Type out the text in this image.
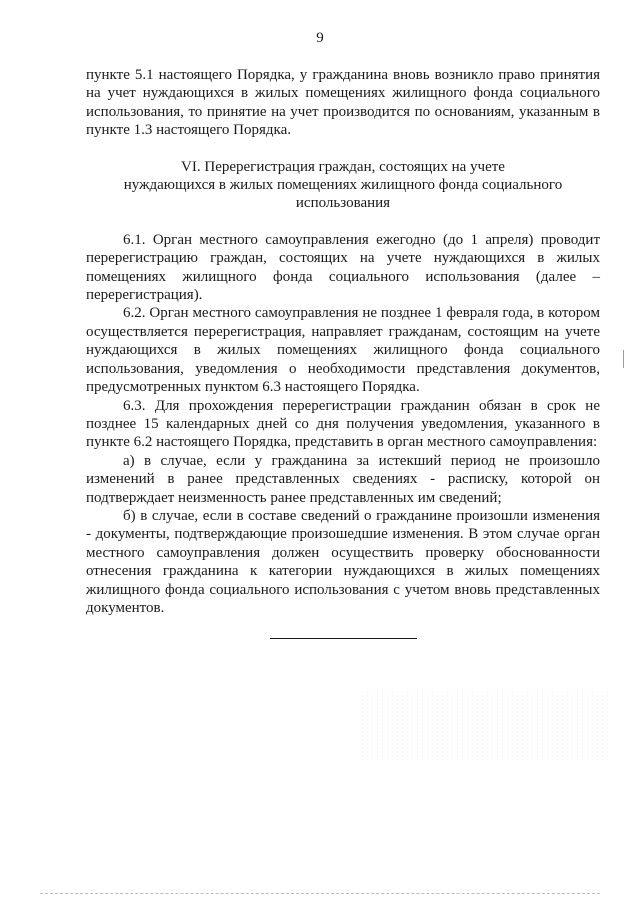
9

пункте 5.1 настоящего Порядка, у гражданина вновь возникло право принятия на учет нуждающихся в жилых помещениях жилищного фонда социального использования, то принятие на учет производится по основаниям, указанным в пункте 1.3 настоящего Порядка.

VI. Перерегистрация граждан, состоящих на учете
нуждающихся в жилых помещениях жилищного фонда социального
использования

6.1. Орган местного самоуправления ежегодно (до 1 апреля) проводит перерегистрацию граждан, состоящих на учете нуждающихся в жилых помещениях жилищного фонда социального использования (далее – перерегистрация).

6.2. Орган местного самоуправления не позднее 1 февраля года, в котором осуществляется перерегистрация, направляет гражданам, состоящим на учете нуждающихся в жилых помещениях жилищного фонда социального использования, уведомления о необходимости представления документов, предусмотренных пунктом 6.3 настоящего Порядка.

6.3. Для прохождения перерегистрации гражданин обязан в срок не позднее 15 календарных дней со дня получения уведомления, указанного в пункте 6.2 настоящего Порядка, представить в орган местного самоуправления:

а) в случае, если у гражданина за истекший период не произошло изменений в ранее представленных сведениях - расписку, которой он подтверждает неизменность ранее представленных им сведений;

б) в случае, если в составе сведений о гражданине произошли изменения - документы, подтверждающие произошедшие изменения. В этом случае орган местного самоуправления должен осуществить проверку обоснованности отнесения гражданина к категории нуждающихся в жилых помещениях жилищного фонда социального использования с учетом вновь представленных документов.
